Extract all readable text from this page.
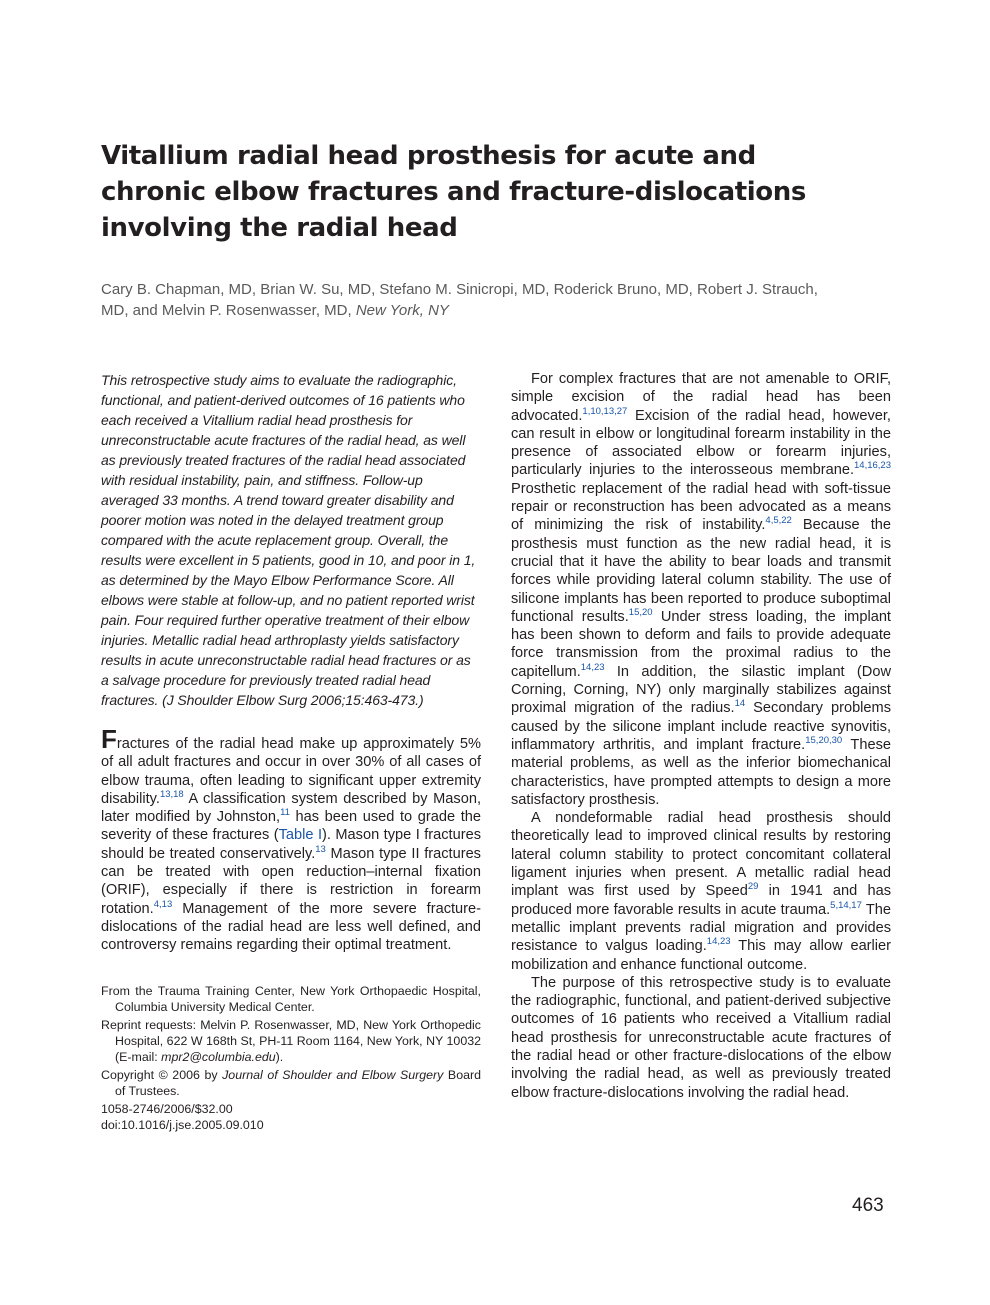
Vitallium radial head prosthesis for acute and chronic elbow fractures and fracture-dislocations involving the radial head

Cary B. Chapman, MD, Brian W. Su, MD, Stefano M. Sinicropi, MD, Roderick Bruno, MD, Robert J. Strauch, MD, and Melvin P. Rosenwasser, MD, New York, NY

This retrospective study aims to evaluate the radiographic, functional, and patient-derived outcomes of 16 patients who each received a Vitallium radial head prosthesis for unreconstructable acute fractures of the radial head, as well as previously treated fractures of the radial head associated with residual instability, pain, and stiffness. Follow-up averaged 33 months. A trend toward greater disability and poorer motion was noted in the delayed treatment group compared with the acute replacement group. Overall, the results were excellent in 5 patients, good in 10, and poor in 1, as determined by the Mayo Elbow Performance Score. All elbows were stable at follow-up, and no patient reported wrist pain. Four required further operative treatment of their elbow injuries. Metallic radial head arthroplasty yields satisfactory results in acute unreconstructable radial head fractures or as a salvage procedure for previously treated radial head fractures. (J Shoulder Elbow Surg 2006;15:463-473.)

Fractures of the radial head make up approximately 5% of all adult fractures and occur in over 30% of all cases of elbow trauma, often leading to significant upper extremity disability.$^{13,18}$ A classification system described by Mason, later modified by Johnston,$^{11}$ has been used to grade the severity of these fractures (Table I). Mason type I fractures should be treated conservatively.$^{13}$ Mason type II fractures can be treated with open reduction–internal fixation (ORIF), especially if there is restriction in forearm rotation.$^{4,13}$ Management of the more severe fracture-dislocations of the radial head are less well defined, and controversy remains regarding their optimal treatment.

From the Trauma Training Center, New York Orthopaedic Hospital, Columbia University Medical Center.

Reprint requests: Melvin P. Rosenwasser, MD, New York Orthopedic Hospital, 622 W 168th St, PH-11 Room 1164, New York, NY 10032 (E-mail: mpr2@columbia.edu).

Copyright © 2006 by Journal of Shoulder and Elbow Surgery Board of Trustees.

1058-2746/2006/$32.00

doi:10.1016/j.jse.2005.09.010

For complex fractures that are not amenable to ORIF, simple excision of the radial head has been advocated.$^{1,10,13,27}$ Excision of the radial head, however, can result in elbow or longitudinal forearm instability in the presence of associated elbow or forearm injuries, particularly injuries to the interosseous membrane.$^{14,16,23}$ Prosthetic replacement of the radial head with soft-tissue repair or reconstruction has been advocated as a means of minimizing the risk of instability.$^{4,5,22}$ Because the prosthesis must function as the new radial head, it is crucial that it have the ability to bear loads and transmit forces while providing lateral column stability. The use of silicone implants has been reported to produce suboptimal functional results.$^{15,20}$ Under stress loading, the implant has been shown to deform and fails to provide adequate force transmission from the proximal radius to the capitellum.$^{14,23}$ In addition, the silastic implant (Dow Corning, Corning, NY) only marginally stabilizes against proximal migration of the radius.$^{14}$ Secondary problems caused by the silicone implant include reactive synovitis, inflammatory arthritis, and implant fracture.$^{15,20,30}$ These material problems, as well as the inferior biomechanical characteristics, have prompted attempts to design a more satisfactory prosthesis.

A nondeformable radial head prosthesis should theoretically lead to improved clinical results by restoring lateral column stability to protect concomitant collateral ligament injuries when present. A metallic radial head implant was first used by Speed$^{29}$ in 1941 and has produced more favorable results in acute trauma.$^{5,14,17}$ The metallic implant prevents radial migration and provides resistance to valgus loading.$^{14,23}$ This may allow earlier mobilization and enhance functional outcome.

The purpose of this retrospective study is to evaluate the radiographic, functional, and patient-derived subjective outcomes of 16 patients who received a Vitallium radial head prosthesis for unreconstructable acute fractures of the radial head or other fracture-dislocations of the elbow involving the radial head, as well as previously treated elbow fracture-dislocations involving the radial head.

463
